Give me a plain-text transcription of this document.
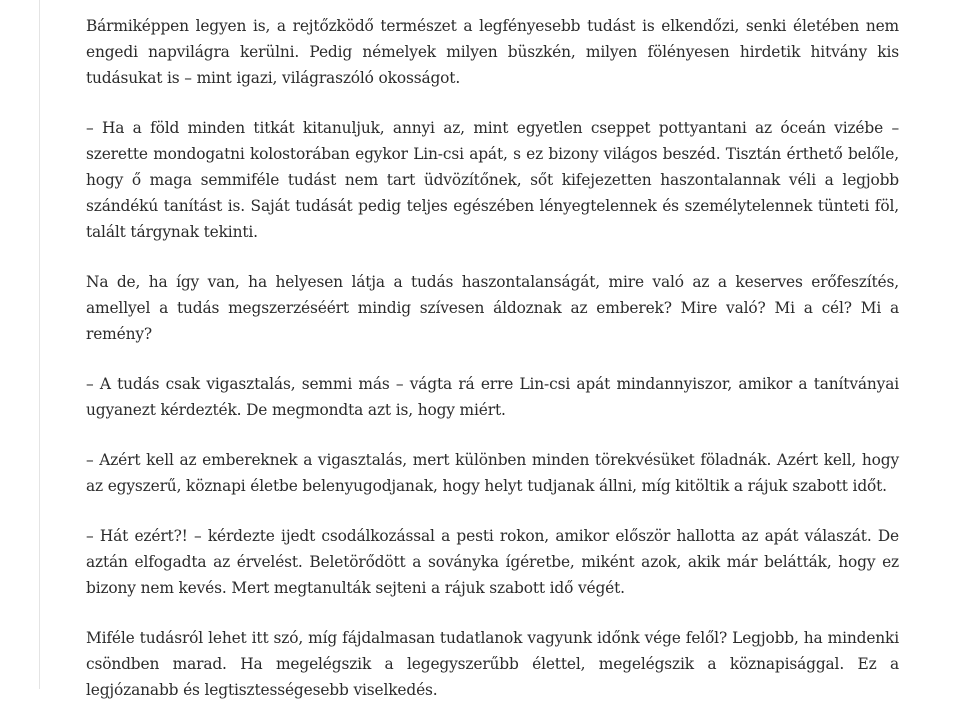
Bármiképpen legyen is, a rejtőzködő természet a legfényesebb tudást is elkendőzi, senki életében nem engedi napvilágra kerülni. Pedig némelyek milyen büszkén, milyen fölényesen hirdetik hitvány kis tudásukat is – mint igazi, világraszóló okosságot.

– Ha a föld minden titkát kitanuljuk, annyi az, mint egyetlen cseppet pottyantani az óceán vizébe – szerette mondogatni kolostorában egykor Lin-csi apát, s ez bizony világos beszéd. Tisztán érthető belőle, hogy ő maga semmiféle tudást nem tart üdvözítőnek, sőt kifejezetten haszontalannak véli a legjobb szándékú tanítást is. Saját tudását pedig teljes egészében lényegtelennek és személytelennek tünteti föl, talált tárgynak tekinti.

Na de, ha így van, ha helyesen látja a tudás haszontalanságát, mire való az a keserves erőfeszítés, amellyel a tudás megszerzéséért mindig szívesen áldoznak az emberek? Mire való? Mi a cél? Mi a remény?

– A tudás csak vigasztalás, semmi más – vágta rá erre Lin-csi apát mindannyiszor, amikor a tanítványai ugyanezt kérdezték. De megmondta azt is, hogy miért.

– Azért kell az embereknek a vigasztalás, mert különben minden törekvésüket föladnák. Azért kell, hogy az egyszerű, köznapi életbe belenyugodjanak, hogy helyt tudjanak állni, míg kitöltik a rájuk szabott időt.

– Hát ezért?! – kérdezte ijedt csodálkozással a pesti rokon, amikor először hallotta az apát válaszát. De aztán elfogadta az érvelést. Beletörődött a soványka ígéretbe, miként azok, akik már belátták, hogy ez bizony nem kevés. Mert megtanulták sejteni a rájuk szabott idő végét.

Miféle tudásról lehet itt szó, míg fájdalmasan tudatlanok vagyunk időnk vége felől? Legjobb, ha mindenki csöndben marad. Ha megelégszik a legegyszerűbb élettel, megelégszik a köznapisággal. Ez a legjózanabb és legtisztességesebb viselkedés.
